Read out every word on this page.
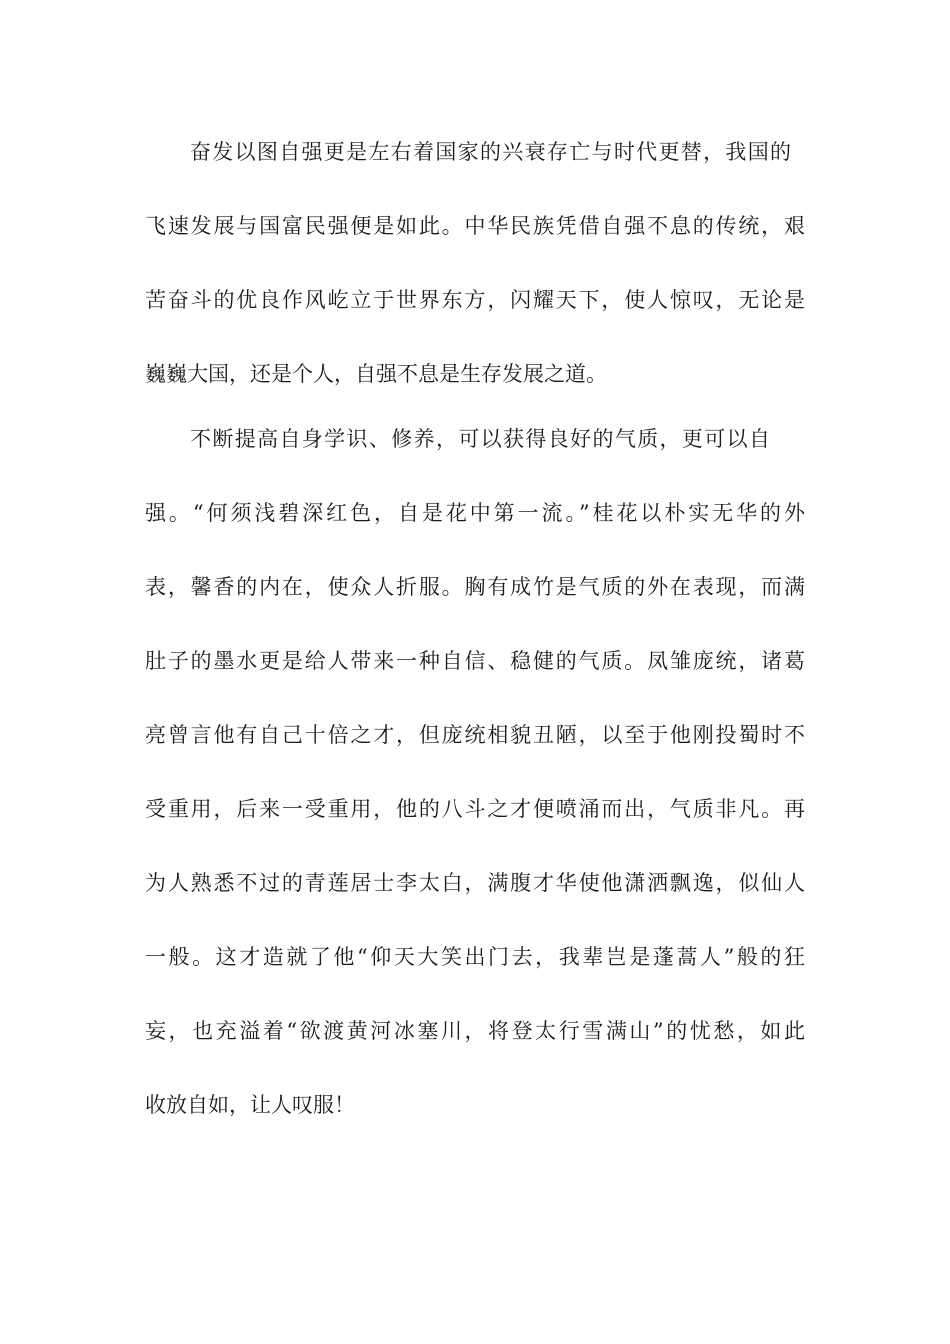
奋发以图自强更是左右着国家的兴衰存亡与时代更替，我国的
飞速发展与国富民强便是如此。中华民族凭借自强不息的传统，艰
苦奋斗的优良作风屹立于世界东方，闪耀天下，使人惊叹，无论是
巍巍大国，还是个人，自强不息是生存发展之道。
不断提高自身学识、修养，可以获得良好的气质，更可以自
强。“何须浅碧深红色，自是花中第一流。”桂花以朴实无华的外
表，馨香的内在，使众人折服。胸有成竹是气质的外在表现，而满
肚子的墨水更是给人带来一种自信、稳健的气质。凤雏庞统，诸葛
亮曾言他有自己十倍之才，但庞统相貌丑陋，以至于他刚投蜀时不
受重用，后来一受重用，他的八斗之才便喷涌而出，气质非凡。再
为人熟悉不过的青莲居士李太白，满腹才华使他潇洒飘逸，似仙人
一般。这才造就了他“仰天大笑出门去，我辈岂是蓬蒿人”般的狂
妄，也充溢着“欲渡黄河冰塞川，将登太行雪满山”的忧愁，如此
收放自如，让人叹服！
